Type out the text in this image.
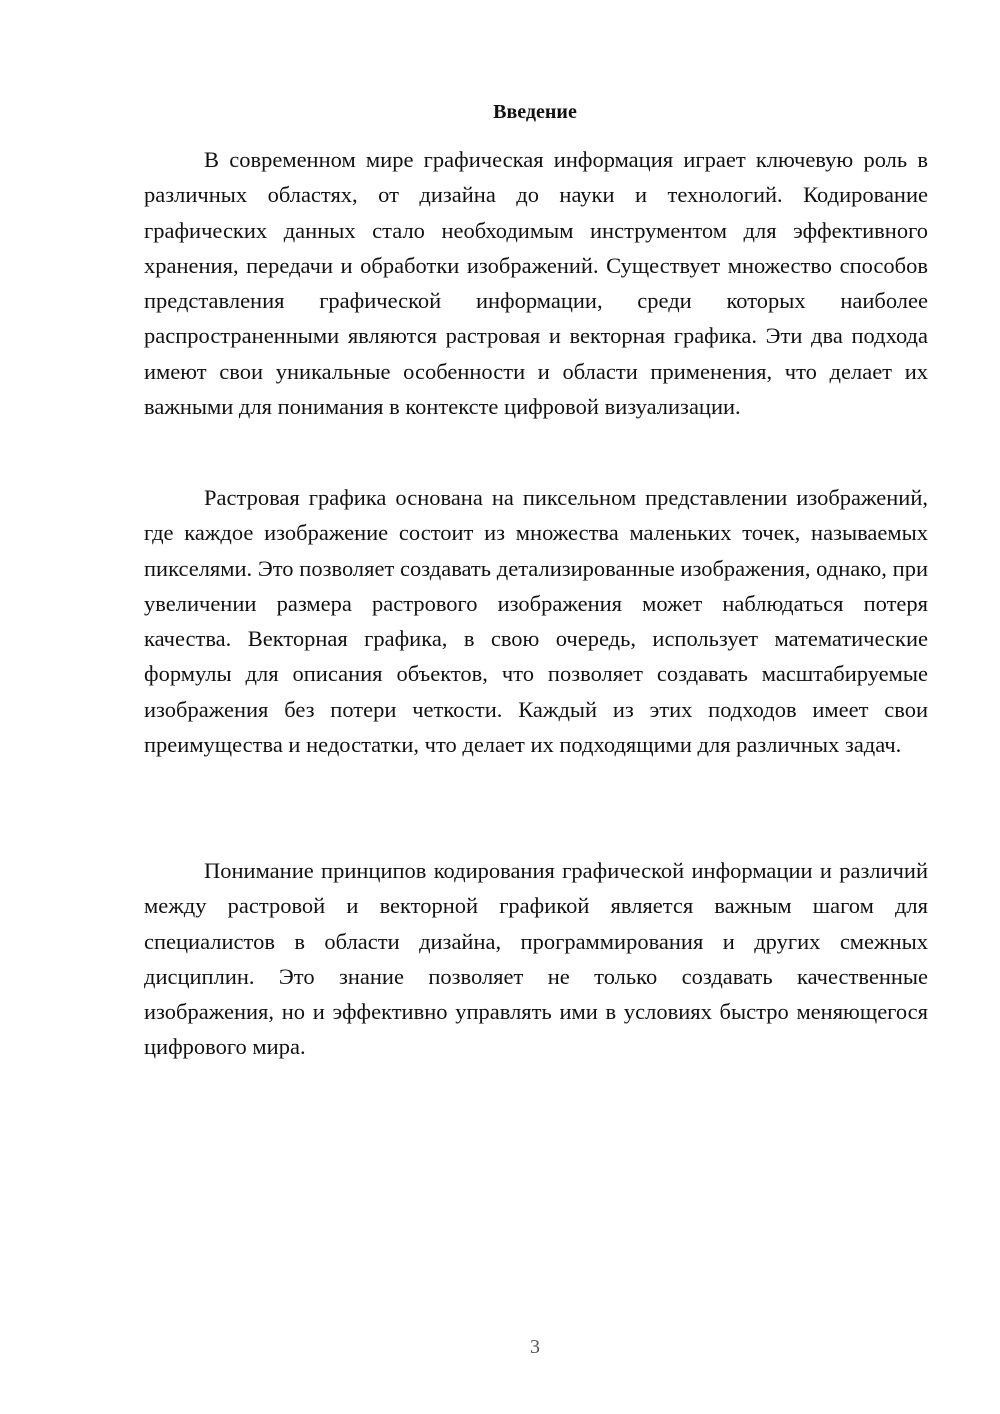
Введение

В современном мире графическая информация играет ключевую роль в различных областях, от дизайна до науки и технологий. Кодирование графических данных стало необходимым инструментом для эффективного хранения, передачи и обработки изображений. Существует множество способов представления графической информации, среди которых наиболее распространенными являются растровая и векторная графика. Эти два подхода имеют свои уникальные особенности и области применения, что делает их важными для понимания в контексте цифровой визуализации.

Растровая графика основана на пиксельном представлении изображений, где каждое изображение состоит из множества маленьких точек, называемых пикселями. Это позволяет создавать детализированные изображения, однако, при увеличении размера растрового изображения может наблюдаться потеря качества. Векторная графика, в свою очередь, использует математические формулы для описания объектов, что позволяет создавать масштабируемые изображения без потери четкости. Каждый из этих подходов имеет свои преимущества и недостатки, что делает их подходящими для различных задач.

Понимание принципов кодирования графической информации и различий между растровой и векторной графикой является важным шагом для специалистов в области дизайна, программирования и других смежных дисциплин. Это знание позволяет не только создавать качественные изображения, но и эффективно управлять ими в условиях быстро меняющегося цифрового мира.

3
